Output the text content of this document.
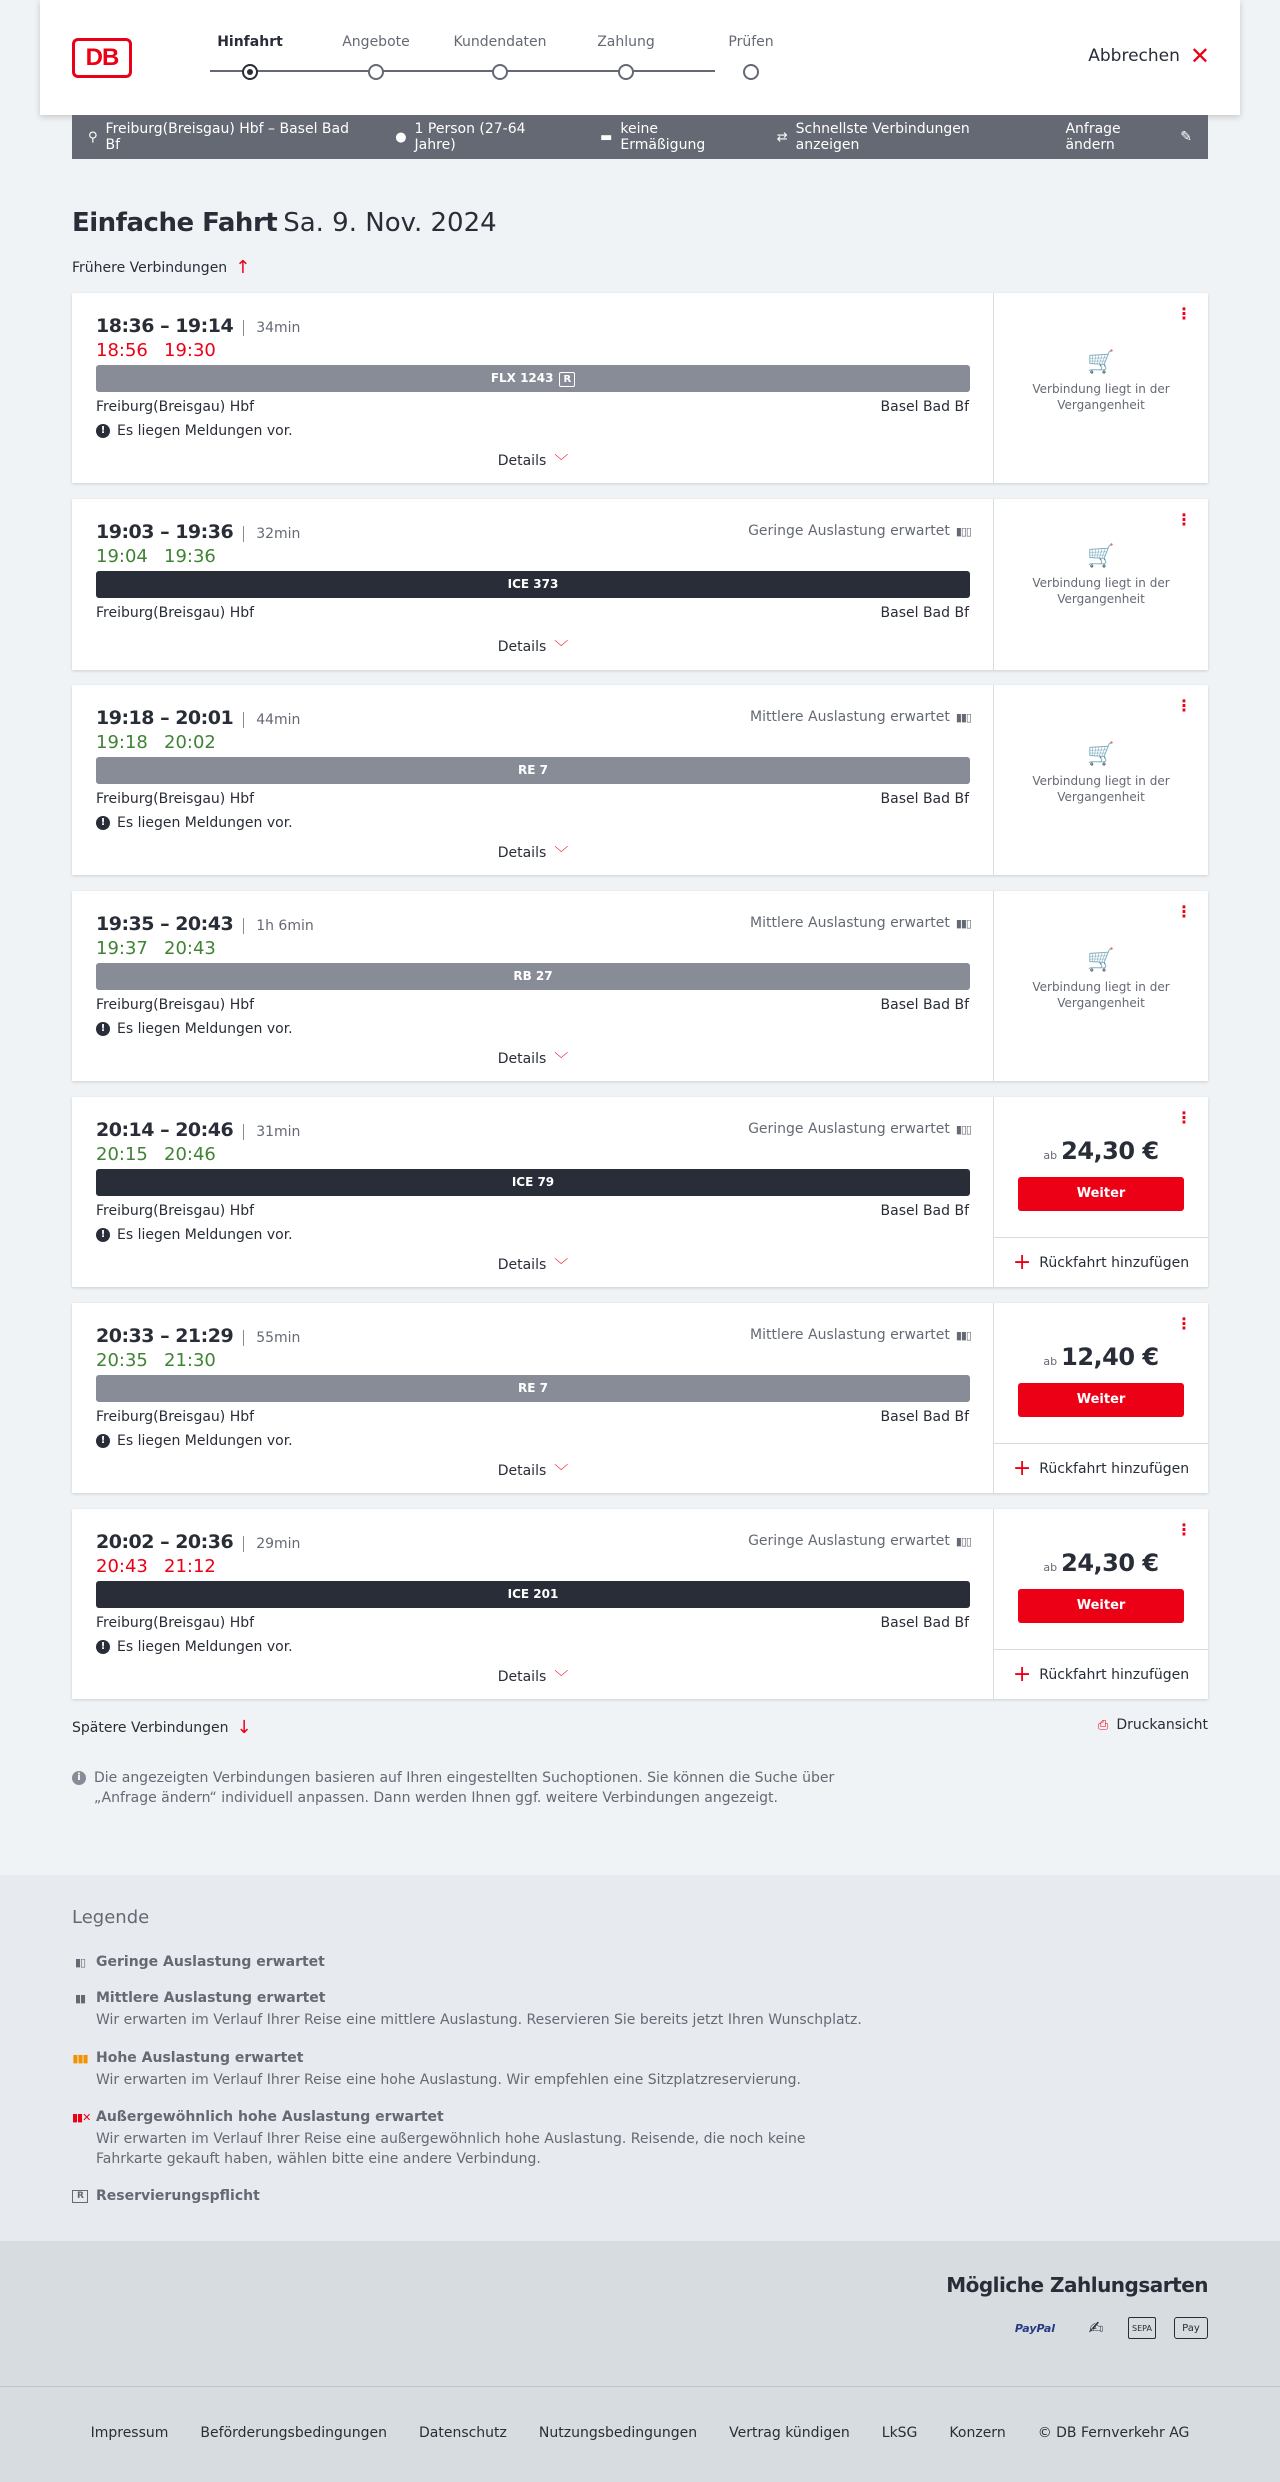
DB
Hinfahrt	Angebote	Kundendaten	Zahlung	Prüfen
Abbrechen ✕
⚲ Freiburg(Breisgau) Hbf – Basel Bad Bf	● 1 Person (27-64 Jahre)	▬ keine Ermäßigung	⇄ Schnellste Verbindungen anzeigen
Anfrage ändern	✎
Einfache Fahrt Sa. 9. Nov. 2024
Frühere Verbindungen ↑
18:36 – 19:14 34min
18:56 19:30
FLX 1243 R
Freiburg(Breisgau) Hbf	Basel Bad Bf
! Es liegen Meldungen vor.
Details ﹀
⋮
🛒
Verbindung liegt in der Vergangenheit
19:03 – 19:36 32min
19:04 19:36
Geringe Auslastung erwartet ▮▯▯
ICE 373
Freiburg(Breisgau) Hbf	Basel Bad Bf
Details ﹀
⋮
🛒
Verbindung liegt in der Vergangenheit
19:18 – 20:01 44min
19:18 20:02
Mittlere Auslastung erwartet ▮▮▯
RE 7
Freiburg(Breisgau) Hbf	Basel Bad Bf
! Es liegen Meldungen vor.
Details ﹀
⋮
🛒
Verbindung liegt in der Vergangenheit
19:35 – 20:43 1h 6min
19:37 20:43
Mittlere Auslastung erwartet ▮▮▯
RB 27
Freiburg(Breisgau) Hbf	Basel Bad Bf
! Es liegen Meldungen vor.
Details ﹀
⋮
🛒
Verbindung liegt in der Vergangenheit
20:14 – 20:46 31min
20:15 20:46
Geringe Auslastung erwartet ▮▯▯
ICE 79
Freiburg(Breisgau) Hbf	Basel Bad Bf
! Es liegen Meldungen vor.
Details ﹀
⋮
ab 24,30 €
Weiter
+ Rückfahrt hinzufügen
20:33 – 21:29 55min
20:35 21:30
Mittlere Auslastung erwartet ▮▮▯
RE 7
Freiburg(Breisgau) Hbf	Basel Bad Bf
! Es liegen Meldungen vor.
Details ﹀
⋮
ab 12,40 €
Weiter
+ Rückfahrt hinzufügen
20:02 – 20:36 29min
20:43 21:12
Geringe Auslastung erwartet ▮▯▯
ICE 201
Freiburg(Breisgau) Hbf	Basel Bad Bf
! Es liegen Meldungen vor.
Details ﹀
⋮
ab 24,30 €
Weiter
+ Rückfahrt hinzufügen
Spätere Verbindungen ↓	⎙ Druckansicht
i Die angezeigten Verbindungen basieren auf Ihren eingestellten Suchoptionen. Sie können die Suche über „Anfrage ändern“ individuell anpassen. Dann werden Ihnen ggf. weitere Verbindungen angezeigt.
Legende
▮▯ Geringe Auslastung erwartet
▮▮ Mittlere Auslastung erwartet
Wir erwarten im Verlauf Ihrer Reise eine mittlere Auslastung. Reservieren Sie bereits jetzt Ihren Wunschplatz.
▮▮▮ Hohe Auslastung erwartet
Wir erwarten im Verlauf Ihrer Reise eine hohe Auslastung. Wir empfehlen eine Sitzplatzreservierung.
▮▮✕ Außergewöhnlich hohe Auslastung erwartet
Wir erwarten im Verlauf Ihrer Reise eine außergewöhnlich hohe Auslastung. Reisende, die noch keine Fahrkarte gekauft haben, wählen bitte eine andere Verbindung.
R Reservierungspflicht
Mögliche Zahlungsarten
PayPal	✍	SEPA	Pay
Impressum Beförderungsbedingungen Datenschutz Nutzungsbedingungen Vertrag kündigen LkSG Konzern © DB Fernverkehr AG
